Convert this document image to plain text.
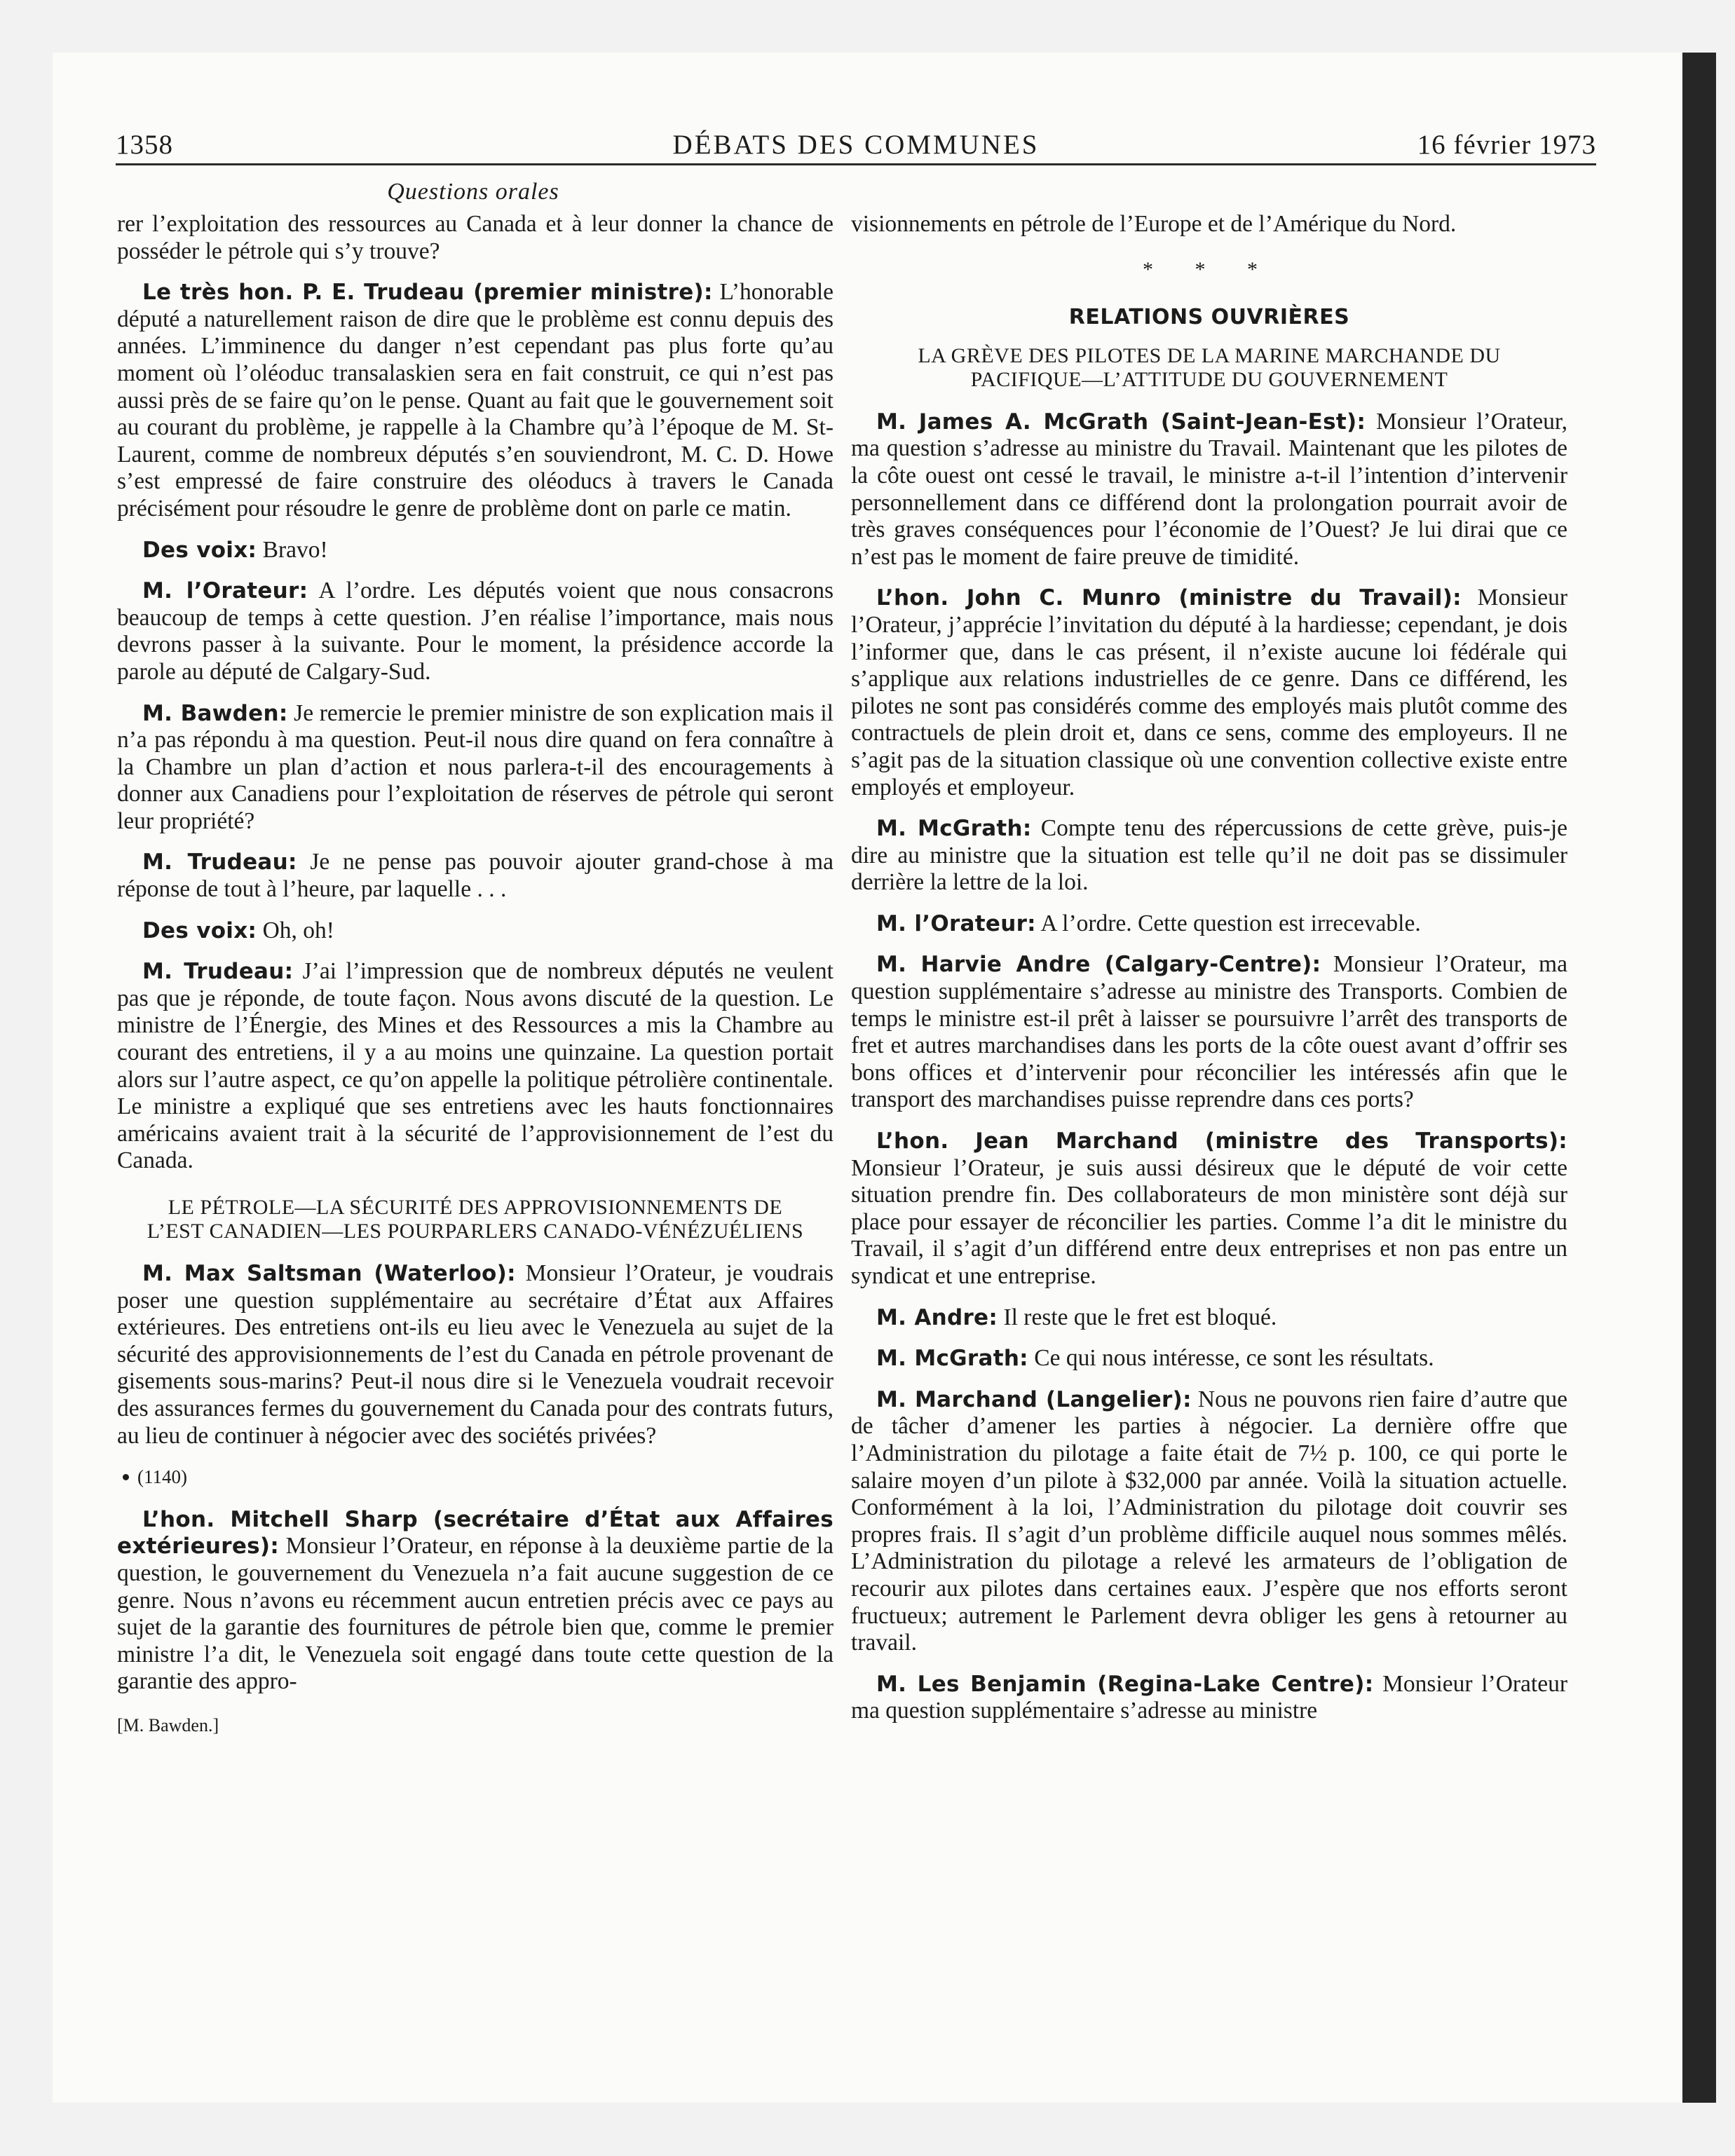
1358	DÉBATS DES COMMUNES	16 février 1973
Questions orales

rer l’exploitation des ressources au Canada et à leur donner la chance de posséder le pétrole qui s’y trouve?

Le très hon. P. E. Trudeau (premier ministre): L’honorable député a naturellement raison de dire que le problème est connu depuis des années. L’imminence du danger n’est cependant pas plus forte qu’au moment où l’oléoduc transalaskien sera en fait construit, ce qui n’est pas aussi près de se faire qu’on le pense. Quant au fait que le gouvernement soit au courant du problème, je rappelle à la Chambre qu’à l’époque de M. St-Laurent, comme de nombreux députés s’en souviendront, M. C. D. Howe s’est empressé de faire construire des oléoducs à travers le Canada précisément pour résoudre le genre de problème dont on parle ce matin.

Des voix: Bravo!

M. l’Orateur: A l’ordre. Les députés voient que nous consacrons beaucoup de temps à cette question. J’en réalise l’importance, mais nous devrons passer à la suivante. Pour le moment, la présidence accorde la parole au député de Calgary-Sud.

M. Bawden: Je remercie le premier ministre de son explication mais il n’a pas répondu à ma question. Peut-il nous dire quand on fera connaître à la Chambre un plan d’action et nous parlera-t-il des encouragements à donner aux Canadiens pour l’exploitation de réserves de pétrole qui seront leur propriété?

M. Trudeau: Je ne pense pas pouvoir ajouter grand-chose à ma réponse de tout à l’heure, par laquelle . . .

Des voix: Oh, oh!

M. Trudeau: J’ai l’impression que de nombreux députés ne veulent pas que je réponde, de toute façon. Nous avons discuté de la question. Le ministre de l’Énergie, des Mines et des Ressources a mis la Chambre au courant des entretiens, il y a au moins une quinzaine. La question portait alors sur l’autre aspect, ce qu’on appelle la politique pétrolière continentale. Le ministre a expliqué que ses entretiens avec les hauts fonctionnaires américains avaient trait à la sécurité de l’approvisionnement de l’est du Canada.

LE PÉTROLE—LA SÉCURITÉ DES APPROVISIONNEMENTS DE L’EST CANADIEN—LES POURPARLERS CANADO-VÉNÉZUÉLIENS

M. Max Saltsman (Waterloo): Monsieur l’Orateur, je voudrais poser une question supplémentaire au secrétaire d’État aux Affaires extérieures. Des entretiens ont-ils eu lieu avec le Venezuela au sujet de la sécurité des approvisionnements de l’est du Canada en pétrole provenant de gisements sous-marins? Peut-il nous dire si le Venezuela voudrait recevoir des assurances fermes du gouvernement du Canada pour des contrats futurs, au lieu de continuer à négocier avec des sociétés privées?

(1140)

L’hon. Mitchell Sharp (secrétaire d’État aux Affaires extérieures): Monsieur l’Orateur, en réponse à la deuxième partie de la question, le gouvernement du Venezuela n’a fait aucune suggestion de ce genre. Nous n’avons eu récemment aucun entretien précis avec ce pays au sujet de la garantie des fournitures de pétrole bien que, comme le premier ministre l’a dit, le Venezuela soit engagé dans toute cette question de la garantie des appro-

[M. Bawden.]

visionnements en pétrole de l’Europe et de l’Amérique du Nord.

* * *
RELATIONS OUVRIÈRES
LA GRÈVE DES PILOTES DE LA MARINE MARCHANDE DU PACIFIQUE—L’ATTITUDE DU GOUVERNEMENT

M. James A. McGrath (Saint-Jean-Est): Monsieur l’Orateur, ma question s’adresse au ministre du Travail. Maintenant que les pilotes de la côte ouest ont cessé le travail, le ministre a-t-il l’intention d’intervenir personnellement dans ce différend dont la prolongation pourrait avoir de très graves conséquences pour l’économie de l’Ouest? Je lui dirai que ce n’est pas le moment de faire preuve de timidité.

L’hon. John C. Munro (ministre du Travail): Monsieur l’Orateur, j’apprécie l’invitation du député à la hardiesse; cependant, je dois l’informer que, dans le cas présent, il n’existe aucune loi fédérale qui s’applique aux relations industrielles de ce genre. Dans ce différend, les pilotes ne sont pas considérés comme des employés mais plutôt comme des contractuels de plein droit et, dans ce sens, comme des employeurs. Il ne s’agit pas de la situation classique où une convention collective existe entre employés et employeur.

M. McGrath: Compte tenu des répercussions de cette grève, puis-je dire au ministre que la situation est telle qu’il ne doit pas se dissimuler derrière la lettre de la loi.

M. l’Orateur: A l’ordre. Cette question est irrecevable.

M. Harvie Andre (Calgary-Centre): Monsieur l’Orateur, ma question supplémentaire s’adresse au ministre des Transports. Combien de temps le ministre est-il prêt à laisser se poursuivre l’arrêt des transports de fret et autres marchandises dans les ports de la côte ouest avant d’offrir ses bons offices et d’intervenir pour réconcilier les intéressés afin que le transport des marchandises puisse reprendre dans ces ports?

L’hon. Jean Marchand (ministre des Transports): Monsieur l’Orateur, je suis aussi désireux que le député de voir cette situation prendre fin. Des collaborateurs de mon ministère sont déjà sur place pour essayer de réconcilier les parties. Comme l’a dit le ministre du Travail, il s’agit d’un différend entre deux entreprises et non pas entre un syndicat et une entreprise.

M. Andre: Il reste que le fret est bloqué.

M. McGrath: Ce qui nous intéresse, ce sont les résultats.

M. Marchand (Langelier): Nous ne pouvons rien faire d’autre que de tâcher d’amener les parties à négocier. La dernière offre que l’Administration du pilotage a faite était de 7½ p. 100, ce qui porte le salaire moyen d’un pilote à $32,000 par année. Voilà la situation actuelle. Conformément à la loi, l’Administration du pilotage doit couvrir ses propres frais. Il s’agit d’un problème difficile auquel nous sommes mêlés. L’Administration du pilotage a relevé les armateurs de l’obligation de recourir aux pilotes dans certaines eaux. J’espère que nos efforts seront fructueux; autrement le Parlement devra obliger les gens à retourner au travail.

M. Les Benjamin (Regina-Lake Centre): Monsieur l’Orateur ma question supplémentaire s’adresse au ministre
